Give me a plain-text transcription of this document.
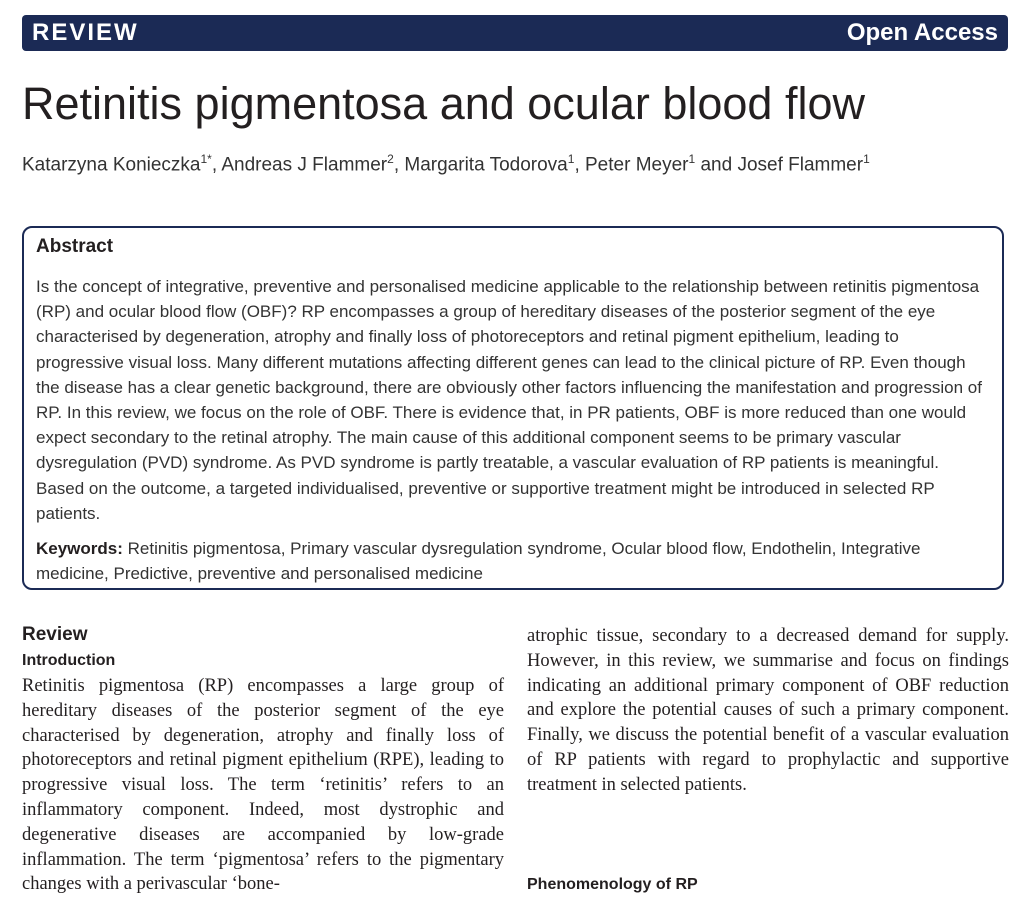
REVIEW	Open Access
Retinitis pigmentosa and ocular blood flow
Katarzyna Konieczka$^{1*}$, Andreas J Flammer$^2$, Margarita Todorova$^1$, Peter Meyer$^1$ and Josef Flammer$^1$
Abstract
Is the concept of integrative, preventive and personalised medicine applicable to the relationship between retinitis pigmentosa (RP) and ocular blood flow (OBF)? RP encompasses a group of hereditary diseases of the posterior segment of the eye characterised by degeneration, atrophy and finally loss of photoreceptors and retinal pigment epithelium, leading to progressive visual loss. Many different mutations affecting different genes can lead to the clinical picture of RP. Even though the disease has a clear genetic background, there are obviously other factors influencing the manifestation and progression of RP. In this review, we focus on the role of OBF. There is evidence that, in PR patients, OBF is more reduced than one would expect secondary to the retinal atrophy. The main cause of this additional component seems to be primary vascular dysregulation (PVD) syndrome. As PVD syndrome is partly treatable, a vascular evaluation of RP patients is meaningful. Based on the outcome, a targeted individualised, preventive or supportive treatment might be introduced in selected RP patients.
Keywords: Retinitis pigmentosa, Primary vascular dysregulation syndrome, Ocular blood flow, Endothelin, Integrative medicine, Predictive, preventive and personalised medicine
Review
Introduction
Retinitis pigmentosa (RP) encompasses a large group of hereditary diseases of the posterior segment of the eye characterised by degeneration, atrophy and finally loss of photoreceptors and retinal pigment epithelium (RPE), leading to progressive visual loss. The term ‘retinitis’ refers to an inflammatory component. Indeed, most dystrophic and degenerative diseases are accompanied by low-grade inflammation. The term ‘pigmentosa’ refers to the pigmentary changes with a perivascular ‘bone-
atrophic tissue, secondary to a decreased demand for supply. However, in this review, we summarise and focus on findings indicating an additional primary component of OBF reduction and explore the potential causes of such a primary component. Finally, we discuss the potential benefit of a vascular evaluation of RP patients with regard to prophylactic and supportive treatment in selected patients.
Phenomenology of RP
